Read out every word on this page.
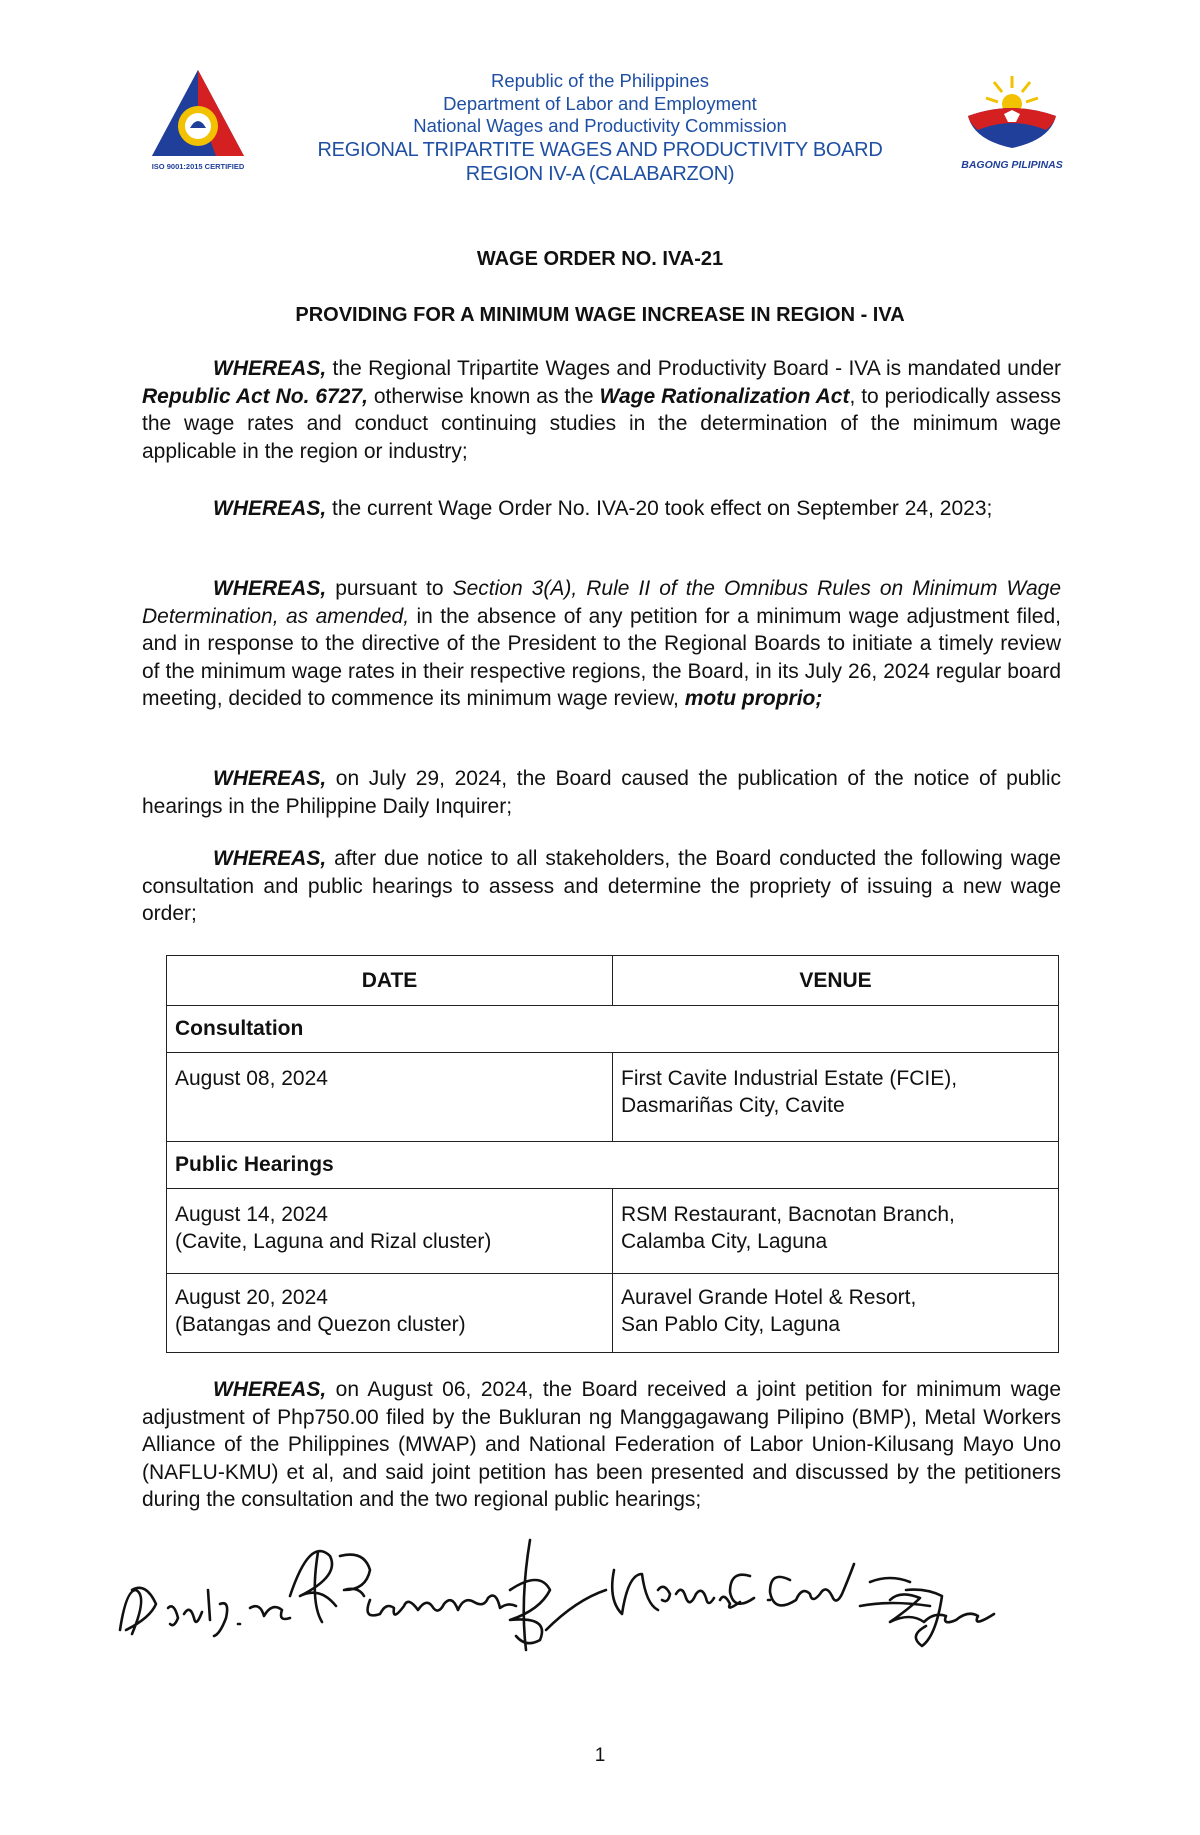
ISO 9001:2015 CERTIFIED
Republic of the Philippines
Department of Labor and Employment
National Wages and Productivity Commission
REGIONAL TRIPARTITE WAGES AND PRODUCTIVITY BOARD
REGION IV-A (CALABARZON)	BAGONG PILIPINAS
WAGE ORDER NO. IVA-21
PROVIDING FOR A MINIMUM WAGE INCREASE IN REGION - IVA

WHEREAS, the Regional Tripartite Wages and Productivity Board - IVA is mandated under Republic Act No. 6727, otherwise known as the Wage Rationalization Act, to periodically assess the wage rates and conduct continuing studies in the determination of the minimum wage applicable in the region or industry;

WHEREAS, the current Wage Order No. IVA-20 took effect on September 24, 2023;

WHEREAS, pursuant to Section 3(A), Rule II of the Omnibus Rules on Minimum Wage Determination, as amended, in the absence of any petition for a minimum wage adjustment filed, and in response to the directive of the President to the Regional Boards to initiate a timely review of the minimum wage rates in their respective regions, the Board, in its July 26, 2024 regular board meeting, decided to commence its minimum wage review, motu proprio;

WHEREAS, on July 29, 2024, the Board caused the publication of the notice of public hearings in the Philippine Daily Inquirer;

WHEREAS, after due notice to all stakeholders, the Board conducted the following wage consultation and public hearings to assess and determine the propriety of issuing a new wage order;

DATE	VENUE
Consultation	

August 08, 2024	First Cavite Industrial Estate (FCIE),
Dasmariñas City, Cavite

Public Hearings	

August 14, 2024
(Cavite, Laguna and Rizal cluster)	RSM Restaurant, Bacnotan Branch,
Calamba City, Laguna

August 20, 2024
(Batangas and Quezon cluster)	Auravel Grande Hotel & Resort,
San Pablo City, Laguna

WHEREAS, on August 06, 2024, the Board received a joint petition for minimum wage adjustment of Php750.00 filed by the Bukluran ng Manggagawang Pilipino (BMP), Metal Workers Alliance of the Philippines (MWAP) and National Federation of Labor Union-Kilusang Mayo Uno (NAFLU-KMU) et al, and said joint petition has been presented and discussed by the petitioners during the consultation and the two regional public hearings;

1
